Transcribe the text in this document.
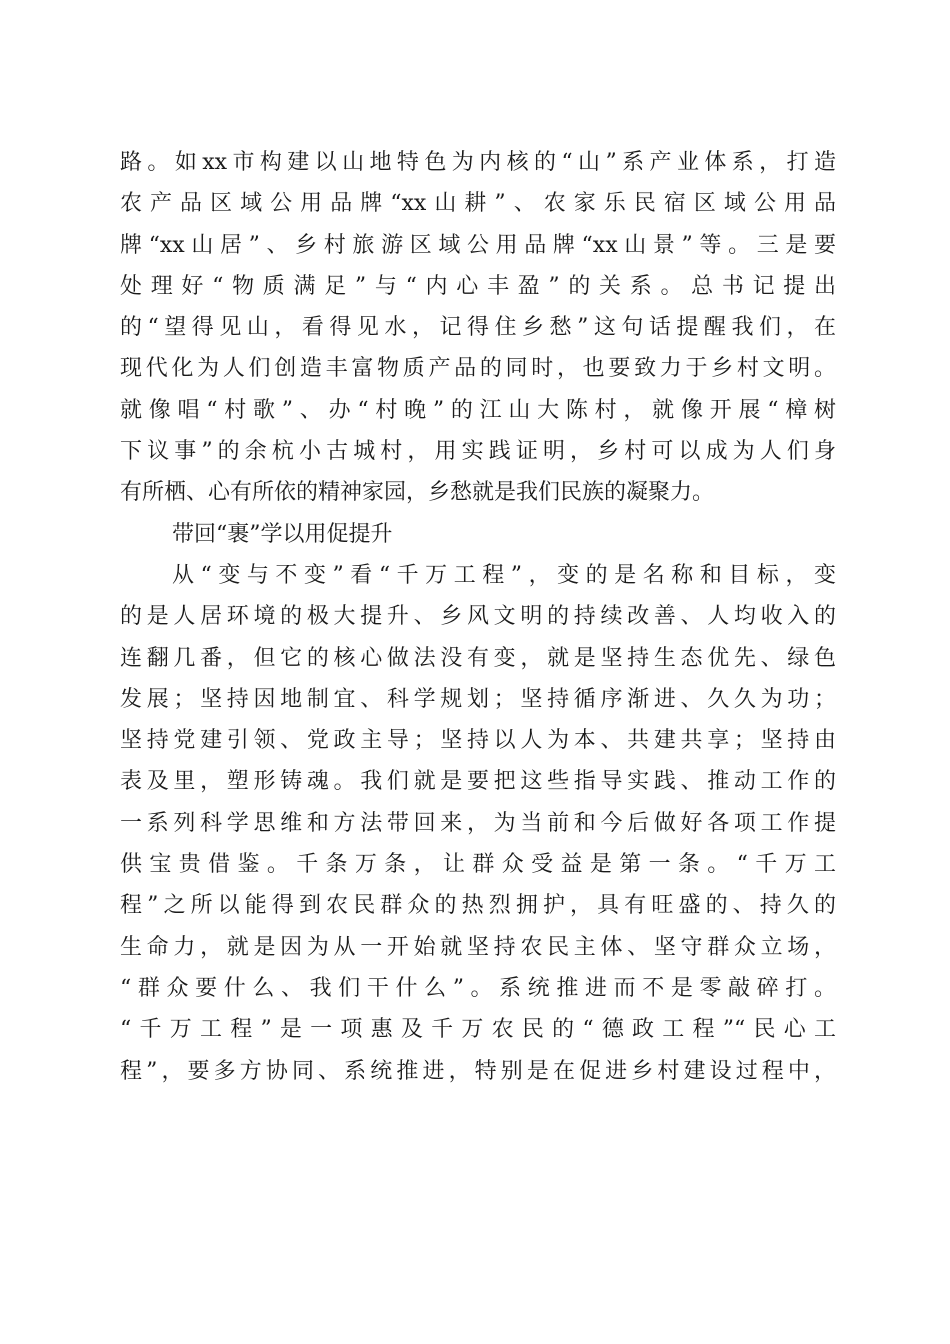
路。如xx市构建以山地特色为内核的“山”系产业体系，打造
农产品区域公用品牌“xx山耕”、农家乐民宿区域公用品
牌“xx山居”、乡村旅游区域公用品牌“xx山景”等。三是要
处理好“物质满足”与“内心丰盈”的关系。总书记提出
的“望得见山，看得见水，记得住乡愁”这句话提醒我们，在
现代化为人们创造丰富物质产品的同时，也要致力于乡村文明。
就像唱“村歌”、办“村晚”的江山大陈村，就像开展“樟树
下议事”的余杭小古城村，用实践证明，乡村可以成为人们身
有所栖、心有所依的精神家园，乡愁就是我们民族的凝聚力。
带回“裹”学以用促提升
从“变与不变”看“千万工程”，变的是名称和目标，变
的是人居环境的极大提升、乡风文明的持续改善、人均收入的
连翻几番，但它的核心做法没有变，就是坚持生态优先、绿色
发展；坚持因地制宜、科学规划；坚持循序渐进、久久为功；
坚持党建引领、党政主导；坚持以人为本、共建共享；坚持由
表及里，塑形铸魂。我们就是要把这些指导实践、推动工作的
一系列科学思维和方法带回来，为当前和今后做好各项工作提
供宝贵借鉴。千条万条，让群众受益是第一条。“千万工
程”之所以能得到农民群众的热烈拥护，具有旺盛的、持久的
生命力，就是因为从一开始就坚持农民主体、坚守群众立场，
“群众要什么、我们干什么”。系统推进而不是零敲碎打。
“千万工程”是一项惠及千万农民的“德政工程”“民心工
程”，要多方协同、系统推进，特别是在促进乡村建设过程中，
